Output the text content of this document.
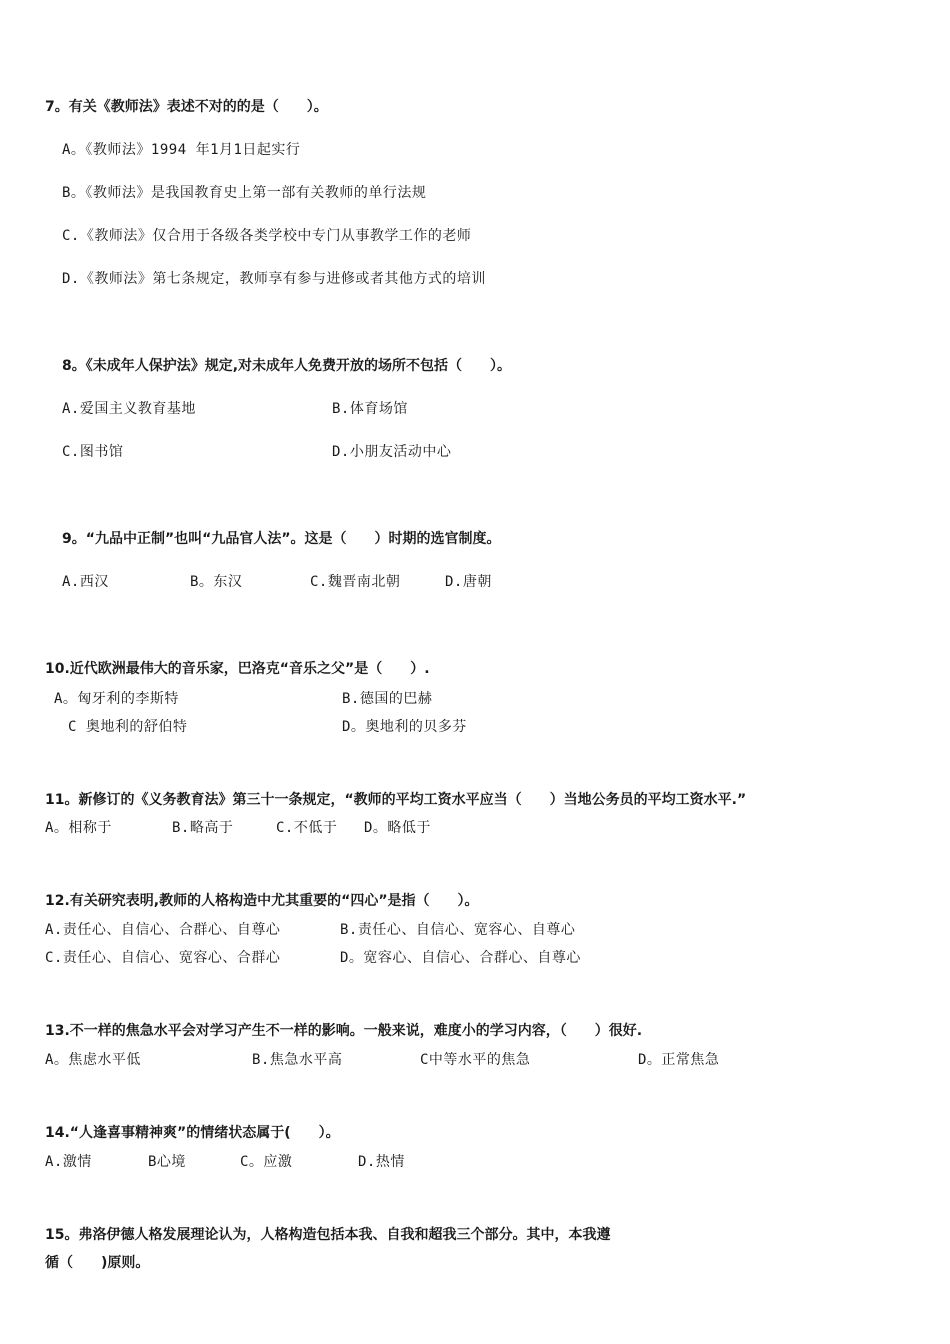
7。有关《教师法》表述不对的的是（　　）。
A。《教师法》1994 年1月1日起实行
B。《教师法》是我国教育史上第一部有关教师的单行法规
C.《教师法》仅合用于各级各类学校中专门从事教学工作的老师
D.《教师法》第七条规定，教师享有参与进修或者其他方式的培训
8。《未成年人保护法》规定,对未成年人免费开放的场所不包括（　　）。
A.爱国主义教育基地	B.体育场馆
C.图书馆	D.小朋友活动中心
9。“九品中正制”也叫“九品官人法”。这是（　　）时期的选官制度。
A.西汉	B。东汉	C.魏晋南北朝	D.唐朝
10.近代欧洲最伟大的音乐家，巴洛克“音乐之父”是（　　）.
A。匈牙利的李斯特	B.德国的巴赫
C 奥地利的舒伯特	D。奥地利的贝多芬
11。新修订的《义务教育法》第三十一条规定，“教师的平均工资水平应当（　　）当地公务员的平均工资水平.”
A。相称于	B.略高于	C.不低于 D。略低于
12.有关研究表明,教师的人格构造中尤其重要的“四心”是指（　　）。
A.责任心、自信心、合群心、自尊心	B.责任心、自信心、宽容心、自尊心
C.责任心、自信心、宽容心、合群心	D。宽容心、自信心、合群心、自尊心
13.不一样的焦急水平会对学习产生不一样的影响。一般来说，难度小的学习内容，（　　）很好.
A。焦虑水平低	B.焦急水平高	C中等水平的焦急	D。正常焦急
14.“人逢喜事精神爽”的情绪状态属于(　　）。
A.激情	B心境	C。应激	D.热情
15。弗洛伊德人格发展理论认为，人格构造包括本我、自我和超我三个部分。其中，本我遵
循（　　)原则。
